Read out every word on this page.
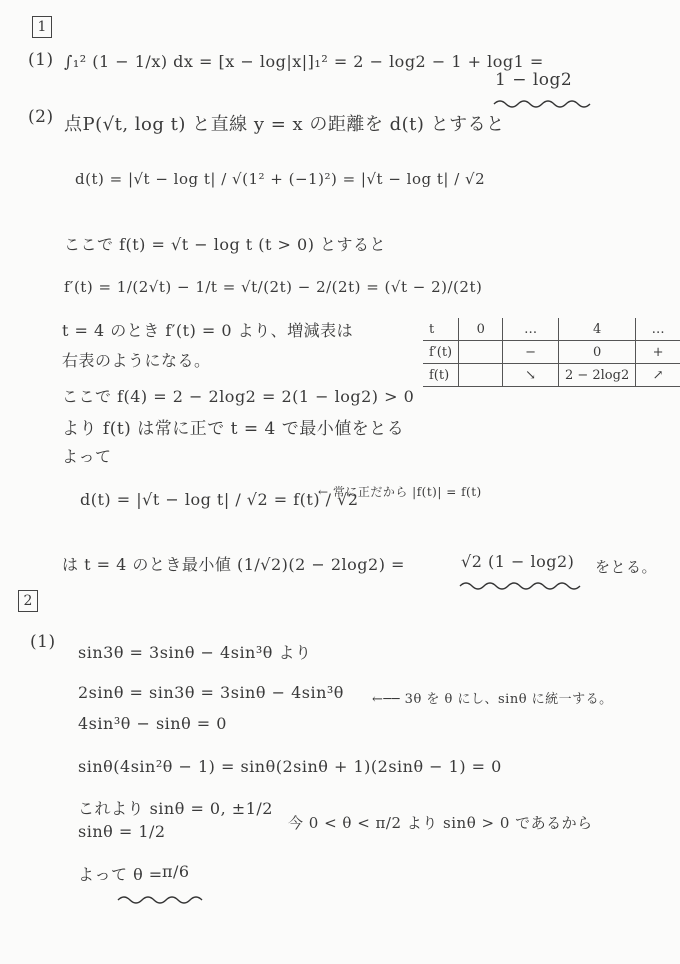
1
(1) ∫₁² (1 − 1/x) dx = [x − log|x|]₁² = 2 − log2 − 1 + log1 =
1 − log2
(2) 点P(√t, log t) と直線 y = x の距離を d(t) とすると
d(t) = |√t − log t| / √(1² + (−1)²) = |√t − log t| / √2
ここで f(t) = √t − log t (t > 0) とすると
f′(t) = 1/(2√t) − 1/t = √t/(2t) − 2/(2t) = (√t − 2)/(2t)
t = 4 のとき f′(t) = 0 より、増減表は
右表のようになる。
ここで f(4) = 2 − 2log2 = 2(1 − log2) > 0
より f(t) は常に正で t = 4 で最小値をとる
よって
d(t) = |√t − log t| / √2 = f(t) / √2
← 常に正だから |f(t)| = f(t)
は t = 4 のとき最小値 (1/√2)(2 − 2log2) =	√2 (1 − log2) をとる。
t	0	…	4	…
f′(t)		−	0	+
f(t)		↘	2 − 2log2	↗
2
(1)
sin3θ = 3sinθ − 4sin³θ より
2sinθ = sin3θ = 3sinθ − 4sin³θ ←── 3θ を θ にし、sinθ に統一する。
4sin³θ − sinθ = 0
sinθ(4sin²θ − 1) = sinθ(2sinθ + 1)(2sinθ − 1) = 0
これより sinθ = 0, ±1/2
今 0 < θ < π/2 より sinθ > 0 であるから
sinθ = 1/2
よって θ = π/6
